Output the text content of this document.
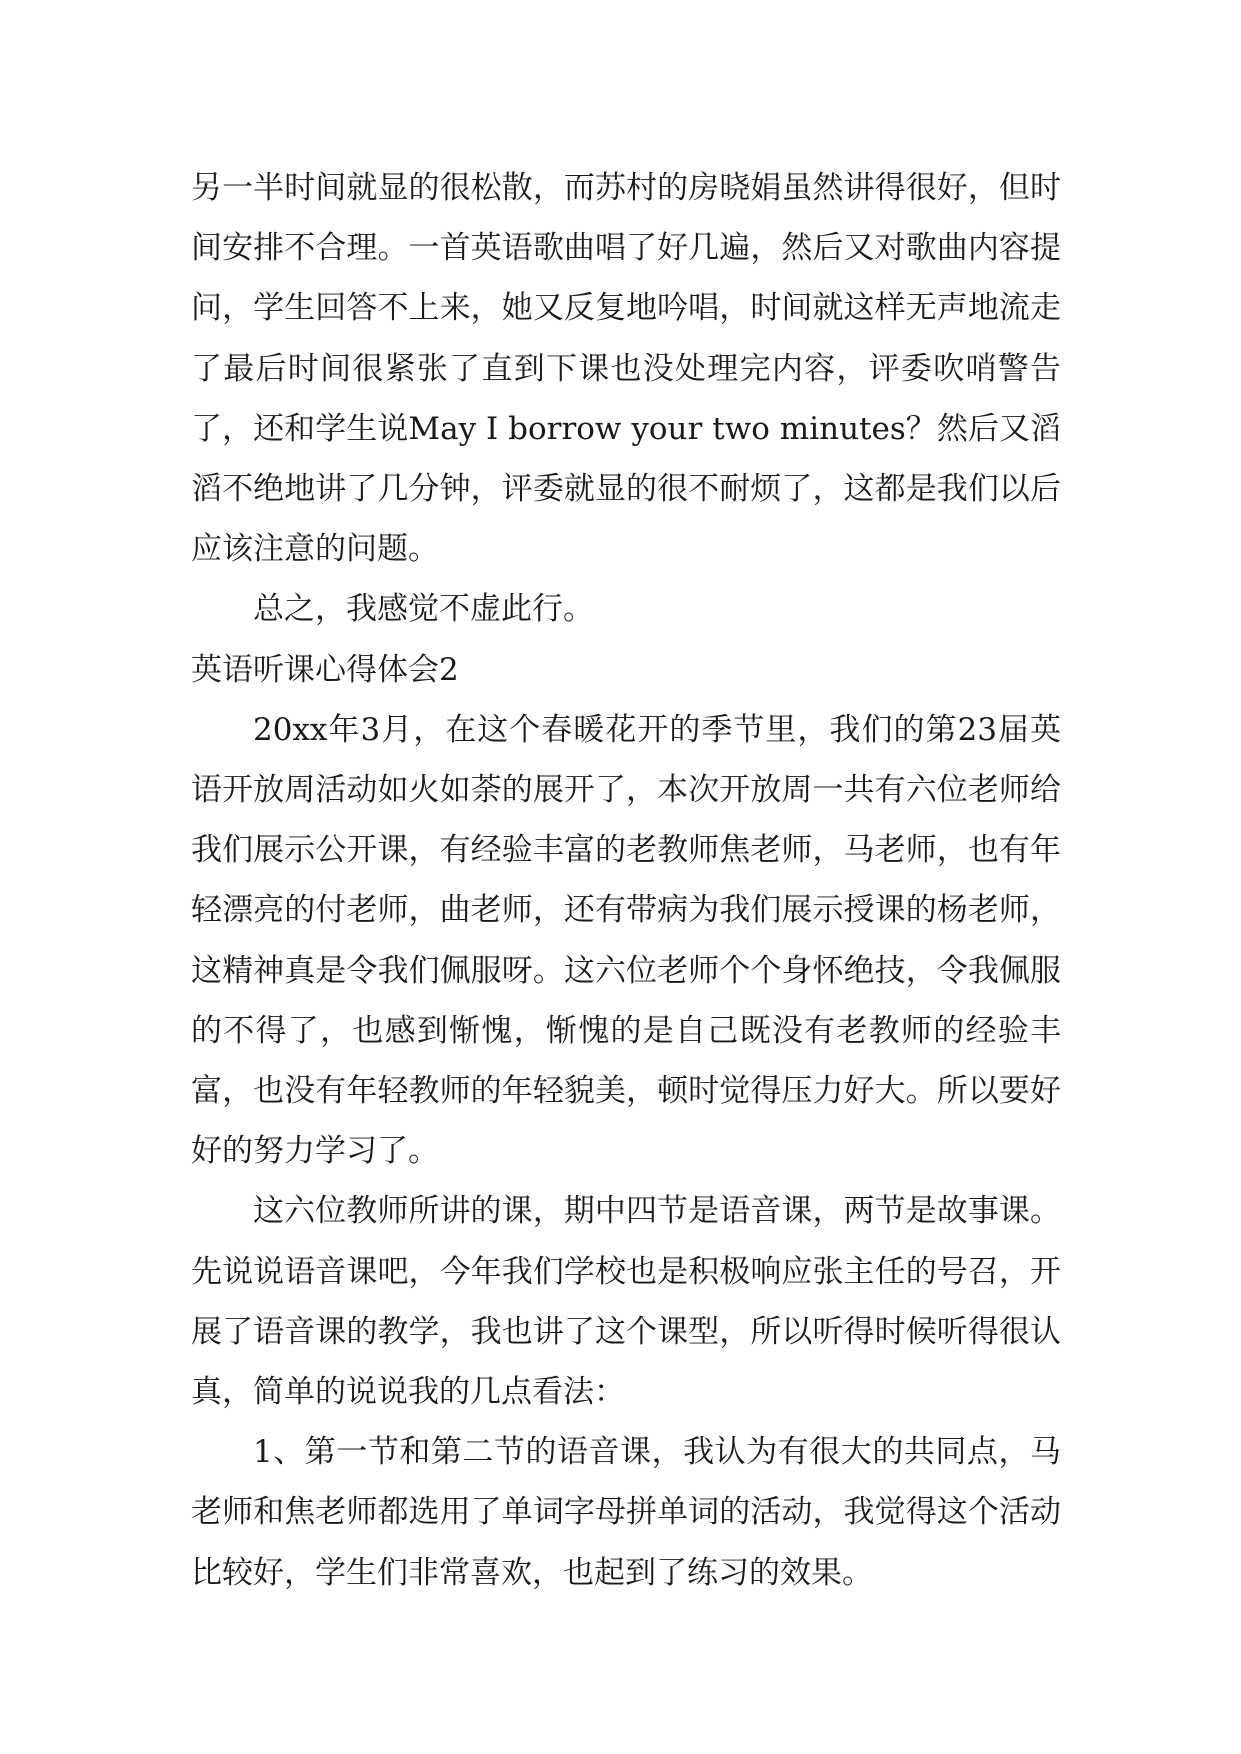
另一半时间就显的很松散，而苏村的房晓娟虽然讲得很好，但时间安排不合理。一首英语歌曲唱了好几遍，然后又对歌曲内容提问，学生回答不上来，她又反复地吟唱，时间就这样无声地流走了最后时间很紧张了直到下课也没处理完内容，评委吹哨警告了，还和学生说May I borrow your two minutes？然后又滔滔不绝地讲了几分钟，评委就显的很不耐烦了，这都是我们以后应该注意的问题。

总之，我感觉不虚此行。

英语听课心得体会2

20xx年3月，在这个春暖花开的季节里，我们的第23届英语开放周活动如火如荼的展开了，本次开放周一共有六位老师给我们展示公开课，有经验丰富的老教师焦老师，马老师，也有年轻漂亮的付老师，曲老师，还有带病为我们展示授课的杨老师，这精神真是令我们佩服呀。这六位老师个个身怀绝技，令我佩服的不得了，也感到惭愧，惭愧的是自己既没有老教师的经验丰富，也没有年轻教师的年轻貌美，顿时觉得压力好大。所以要好好的努力学习了。

这六位教师所讲的课，期中四节是语音课，两节是故事课。先说说语音课吧，今年我们学校也是积极响应张主任的号召，开展了语音课的教学，我也讲了这个课型，所以听得时候听得很认真，简单的说说我的几点看法：

1、第一节和第二节的语音课，我认为有很大的共同点，马老师和焦老师都选用了单词字母拼单词的活动，我觉得这个活动比较好，学生们非常喜欢，也起到了练习的效果。
